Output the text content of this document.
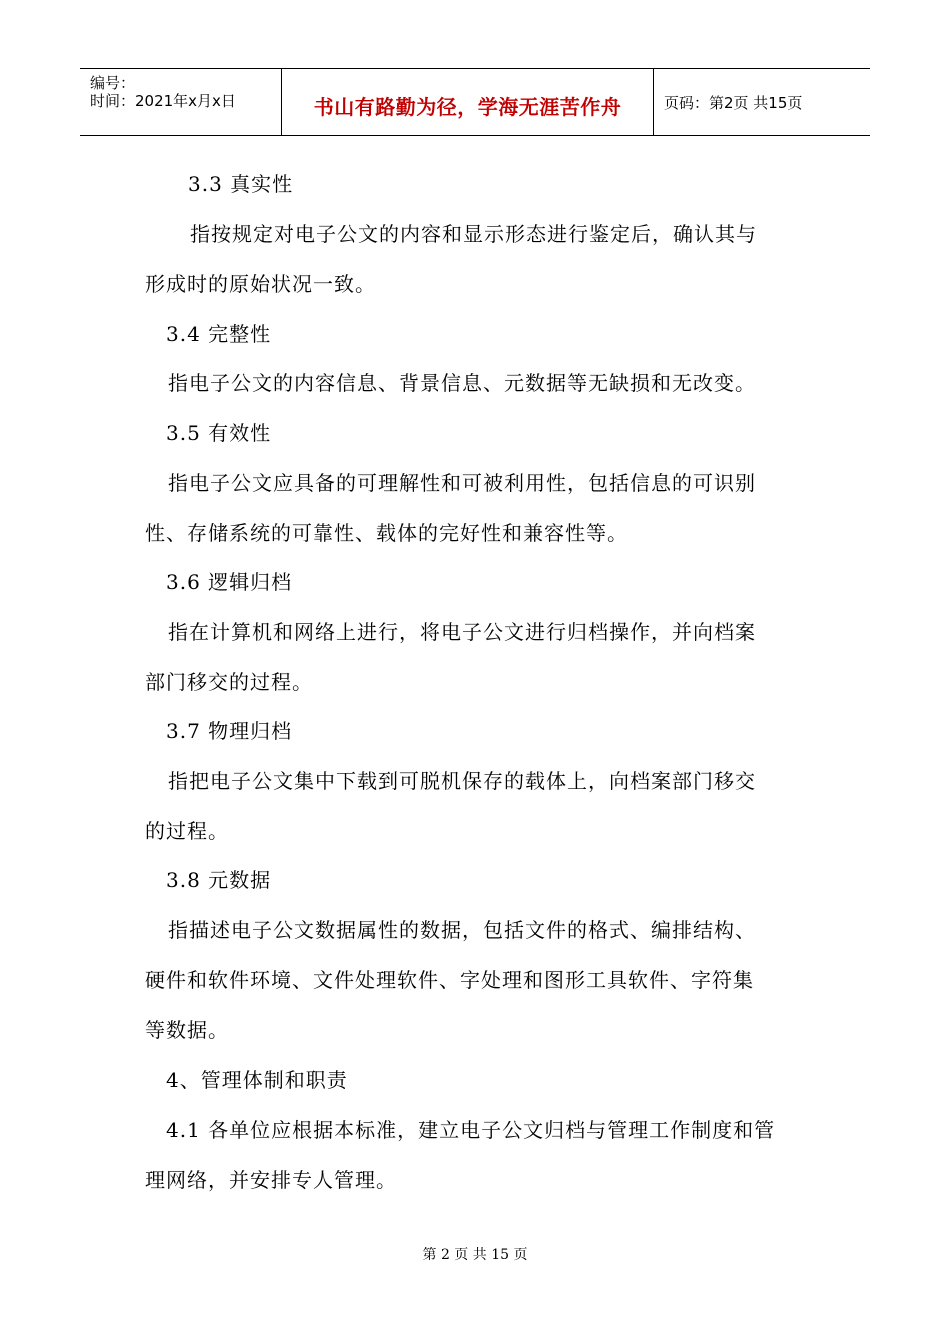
编号：
时间：2021年x月x日	书山有路勤为径，学海无涯苦作舟	页码：第2页 共15页
3.3 真实性
指按规定对电子公文的内容和显示形态进行鉴定后，确认其与
形成时的原始状况一致。
3.4 完整性
指电子公文的内容信息、背景信息、元数据等无缺损和无改变。
3.5 有效性
指电子公文应具备的可理解性和可被利用性，包括信息的可识别
性、存储系统的可靠性、载体的完好性和兼容性等。
3.6 逻辑归档
指在计算机和网络上进行，将电子公文进行归档操作，并向档案
部门移交的过程。
3.7 物理归档
指把电子公文集中下载到可脱机保存的载体上，向档案部门移交
的过程。
3.8 元数据
指描述电子公文数据属性的数据，包括文件的格式、编排结构、
硬件和软件环境、文件处理软件、字处理和图形工具软件、字符集
等数据。
4、管理体制和职责
4.1 各单位应根据本标准，建立电子公文归档与管理工作制度和管
理网络，并安排专人管理。
第 2 页 共 15 页
